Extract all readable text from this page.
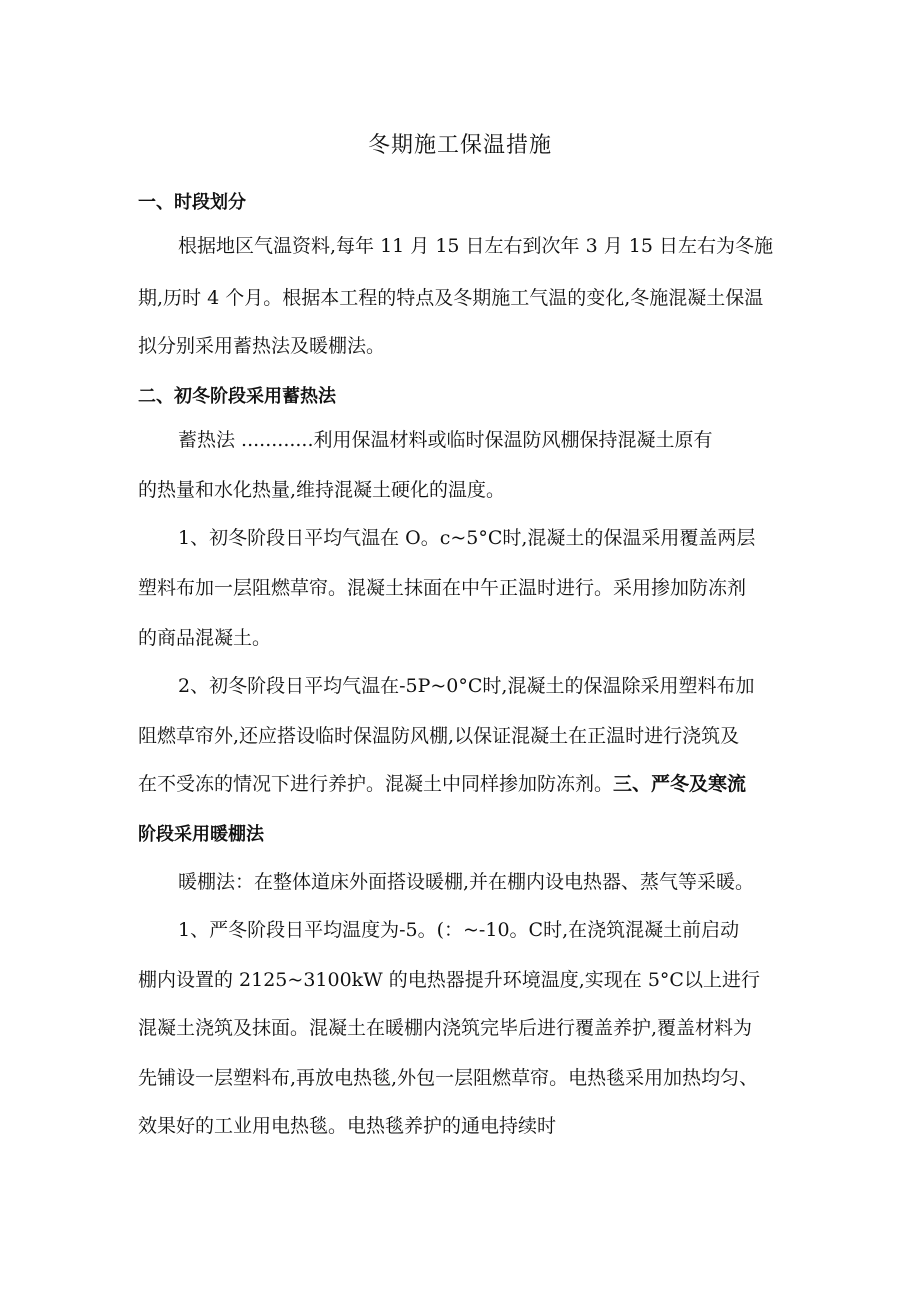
冬期施工保温措施
一、时段划分
根据地区气温资料,每年 11 月 15 日左右到次年 3 月 15 日左右为冬施
期,历时 4 个月。根据本工程的特点及冬期施工气温的变化,冬施混凝土保温
拟分别采用蓄热法及暖棚法。
二、初冬阶段采用蓄热法
蓄热法 ............利用保温材料或临时保温防风棚保持混凝土原有
的热量和水化热量,维持混凝土硬化的温度。
1、初冬阶段日平均气温在 O。c~5°C时,混凝土的保温采用覆盖两层
塑料布加一层阻燃草帘。混凝土抹面在中午正温时进行。采用掺加防冻剂
的商品混凝土。
2、初冬阶段日平均气温在-5P~0°C时,混凝土的保温除采用塑料布加
阻燃草帘外,还应搭设临时保温防风棚,以保证混凝土在正温时进行浇筑及
在不受冻的情况下进行养护。混凝土中同样掺加防冻剂。三、严冬及寒流
阶段采用暖棚法
暖棚法：在整体道床外面搭设暖棚,并在棚内设电热器、蒸气等采暖。
1、严冬阶段日平均温度为-5。(：~-10。C时,在浇筑混凝土前启动
棚内设置的 2125~3100kW 的电热器提升环境温度,实现在 5°C以上进行
混凝土浇筑及抹面。混凝土在暖棚内浇筑完毕后进行覆盖养护,覆盖材料为
先铺设一层塑料布,再放电热毯,外包一层阻燃草帘。电热毯采用加热均匀、
效果好的工业用电热毯。电热毯养护的通电持续时
